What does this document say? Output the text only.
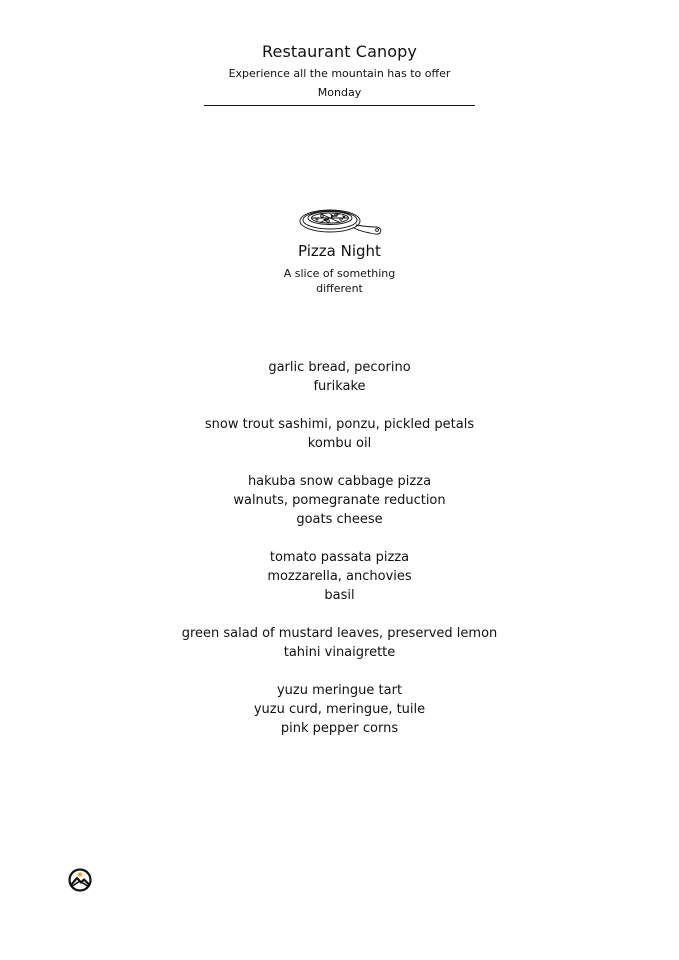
Restaurant Canopy
Experience all the mountain has to offer
Monday
Pizza Night
A slice of something
different
garlic bread, pecorino
furikake
snow trout sashimi, ponzu, pickled petals
kombu oil
hakuba snow cabbage pizza
walnuts, pomegranate reduction
goats cheese
tomato passata pizza
mozzarella, anchovies
basil
green salad of mustard leaves, preserved lemon
tahini vinaigrette
yuzu meringue tart
yuzu curd, meringue, tuile
pink pepper corns
